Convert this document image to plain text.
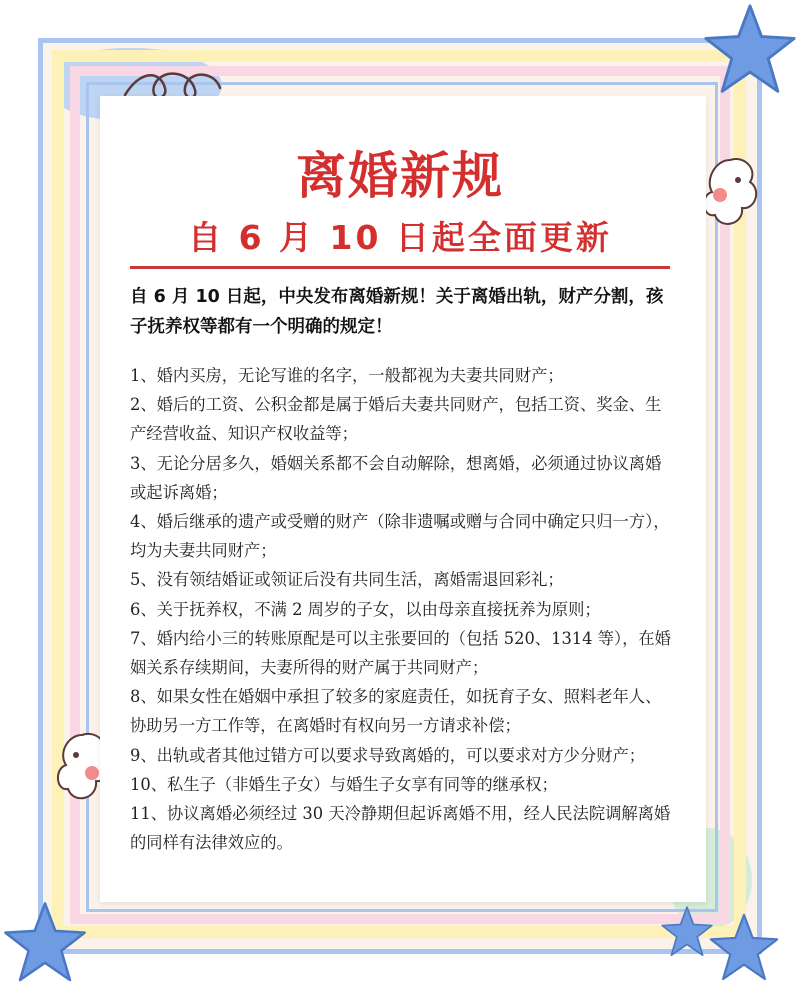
离婚新规
自 6 月 10 日起全面更新
自 6 月 10 日起，中央发布离婚新规！关于离婚出轨，财产分割，孩子抚养权等都有一个明确的规定！
1、婚内买房，无论写谁的名字，一般都视为夫妻共同财产；
2、婚后的工资、公积金都是属于婚后夫妻共同财产，包括工资、奖金、生产经营收益、知识产权收益等；
3、无论分居多久，婚姻关系都不会自动解除，想离婚，必须通过协议离婚或起诉离婚；
4、婚后继承的遗产或受赠的财产（除非遗嘱或赠与合同中确定只归一方），均为夫妻共同财产；
5、没有领结婚证或领证后没有共同生活，离婚需退回彩礼；
6、关于抚养权，不满 2 周岁的子女，以由母亲直接抚养为原则；
7、婚内给小三的转账原配是可以主张要回的（包括 520、1314 等），在婚姻关系存续期间，夫妻所得的财产属于共同财产；
8、如果女性在婚姻中承担了较多的家庭责任，如抚育子女、照料老年人、协助另一方工作等，在离婚时有权向另一方请求补偿；
9、出轨或者其他过错方可以要求导致离婚的，可以要求对方少分财产；
10、私生子（非婚生子女）与婚生子女享有同等的继承权；
11、协议离婚必须经过 30 天冷静期但起诉离婚不用，经人民法院调解离婚的同样有法律效应的。
